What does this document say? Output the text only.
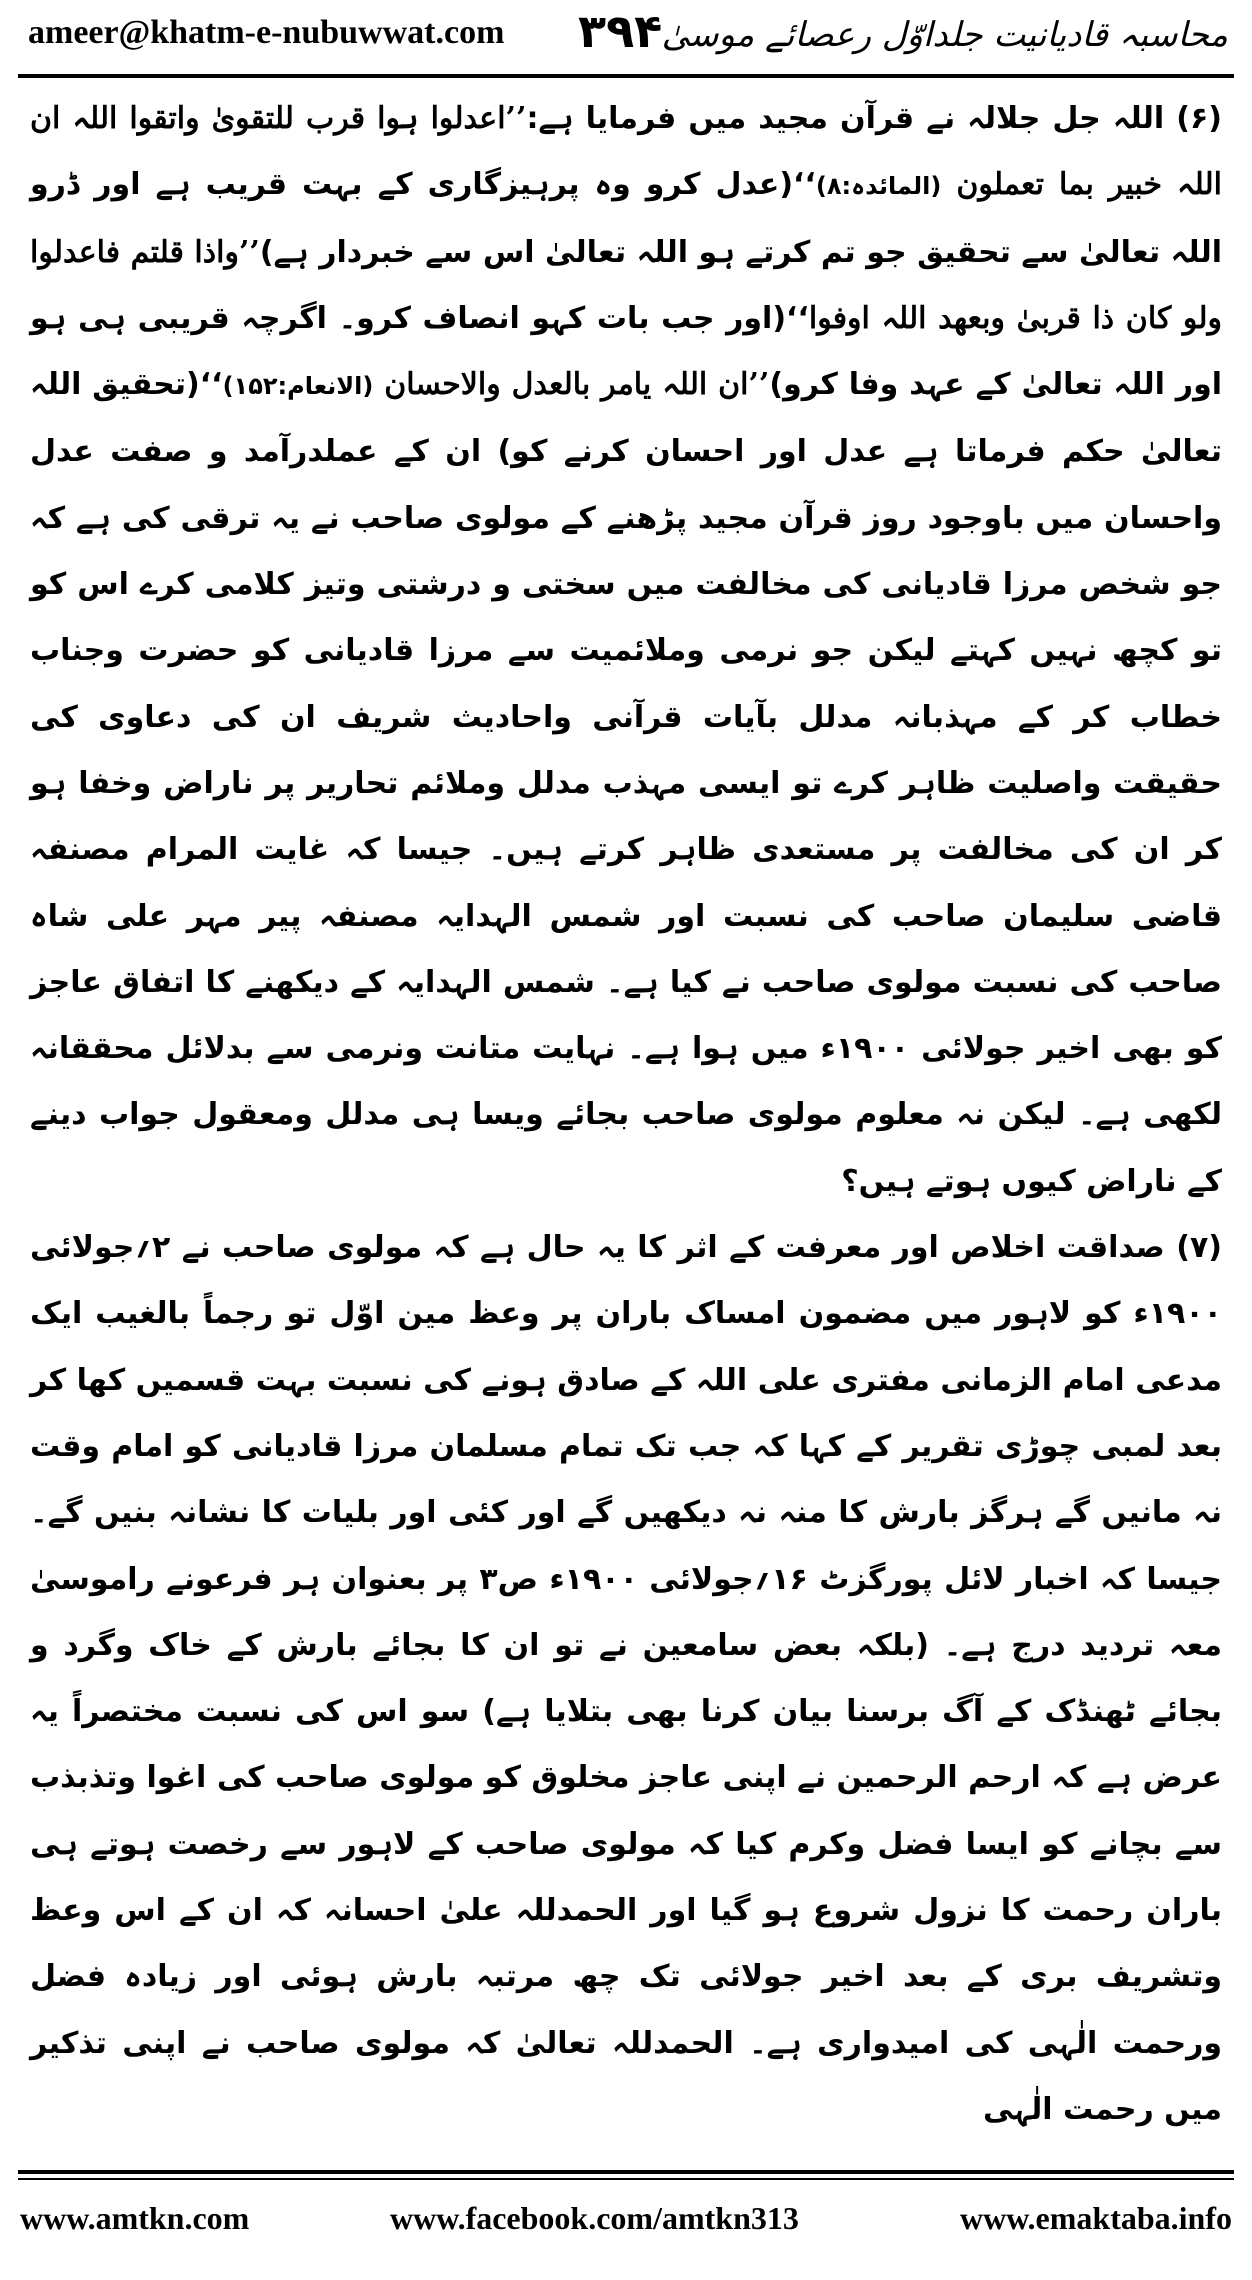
ameer@khatm-e-nubuwwat.com ۳۹۴ محاسبہ قادیانیت جلداوّل رعصائے موسیٰ

(۶) اللہ جل جلالہ نے قرآن مجید میں فرمایا ہے:’’اعدلوا ہوا قرب للتقویٰ واتقوا اللہ ان اللہ خبیر بما تعملون (المائدہ:۸)‘‘(عدل کرو وہ پرہیزگاری کے بہت قریب ہے اور ڈرو اللہ تعالیٰ سے تحقیق جو تم کرتے ہو اللہ تعالیٰ اس سے خبردار ہے)’’واذا قلتم فاعدلوا ولو کان ذا قربیٰ وبعھد اللہ اوفوا‘‘(اور جب بات کہو انصاف کرو۔ اگرچہ قریبی ہی ہو اور اللہ تعالیٰ کے عہد وفا کرو)’’ان اللہ یامر بالعدل والاحسان (الانعام:۱۵۲)‘‘(تحقیق اللہ تعالیٰ حکم فرماتا ہے عدل اور احسان کرنے کو) ان کے عملدرآمد و صفت عدل واحسان میں باوجود روز قرآن مجید پڑھنے کے مولوی صاحب نے یہ ترقی کی ہے کہ جو شخص مرزا قادیانی کی مخالفت میں سختی و درشتی وتیز کلامی کرے اس کو تو کچھ نہیں کہتے لیکن جو نرمی وملائمیت سے مرزا قادیانی کو حضرت وجناب خطاب کر کے مہذبانہ مدلل بآیات قرآنی واحادیث شریف ان کی دعاوی کی حقیقت واصلیت ظاہر کرے تو ایسی مہذب مدلل وملائم تحاریر پر ناراض وخفا ہو کر ان کی مخالفت پر مستعدی ظاہر کرتے ہیں۔ جیسا کہ غایت المرام مصنفہ قاضی سلیمان صاحب کی نسبت اور شمس الہدایہ مصنفہ پیر مہر علی شاہ صاحب کی نسبت مولوی صاحب نے کیا ہے۔ شمس الہدایہ کے دیکھنے کا اتفاق عاجز کو بھی اخیر جولائی ۱۹۰۰ء میں ہوا ہے۔ نہایت متانت ونرمی سے بدلائل محققانہ لکھی ہے۔ لیکن نہ معلوم مولوی صاحب بجائے ویسا ہی مدلل ومعقول جواب دینے کے ناراض کیوں ہوتے ہیں؟

(۷) صداقت اخلاص اور معرفت کے اثر کا یہ حال ہے کہ مولوی صاحب نے ۲؍جولائی ۱۹۰۰ء کو لاہور میں مضمون امساک باران پر وعظ مین اوّل تو رجماً بالغیب ایک مدعی امام الزمانی مفتری علی اللہ کے صادق ہونے کی نسبت بہت قسمیں کھا کر بعد لمبی چوڑی تقریر کے کہا کہ جب تک تمام مسلمان مرزا قادیانی کو امام وقت نہ مانیں گے ہرگز بارش کا منہ نہ دیکھیں گے اور کئی اور بلیات کا نشانہ بنیں گے۔ جیسا کہ اخبار لائل پورگزٹ ۱۶؍جولائی ۱۹۰۰ء ص۳ پر بعنوان ہر فرعونے راموسیٰ معہ تردید درج ہے۔ (بلکہ بعض سامعین نے تو ان کا بجائے بارش کے خاک وگرد و بجائے ٹھنڈک کے آگ برسنا بیان کرنا بھی بتلایا ہے) سو اس کی نسبت مختصراً یہ عرض ہے کہ ارحم الرحمین نے اپنی عاجز مخلوق کو مولوی صاحب کی اغوا وتذبذب سے بچانے کو ایسا فضل وکرم کیا کہ مولوی صاحب کے لاہور سے رخصت ہوتے ہی باران رحمت کا نزول شروع ہو گیا اور الحمدللہ علیٰ احسانہ کہ ان کے اس وعظ وتشریف بری کے بعد اخیر جولائی تک چھ مرتبہ بارش ہوئی اور زیادہ فضل ورحمت الٰہی کی امیدواری ہے۔ الحمدللہ تعالیٰ کہ مولوی صاحب نے اپنی تذکیر میں رحمت الٰہی

www.amtkn.com	www.facebook.com/amtkn313	www.emaktaba.info
